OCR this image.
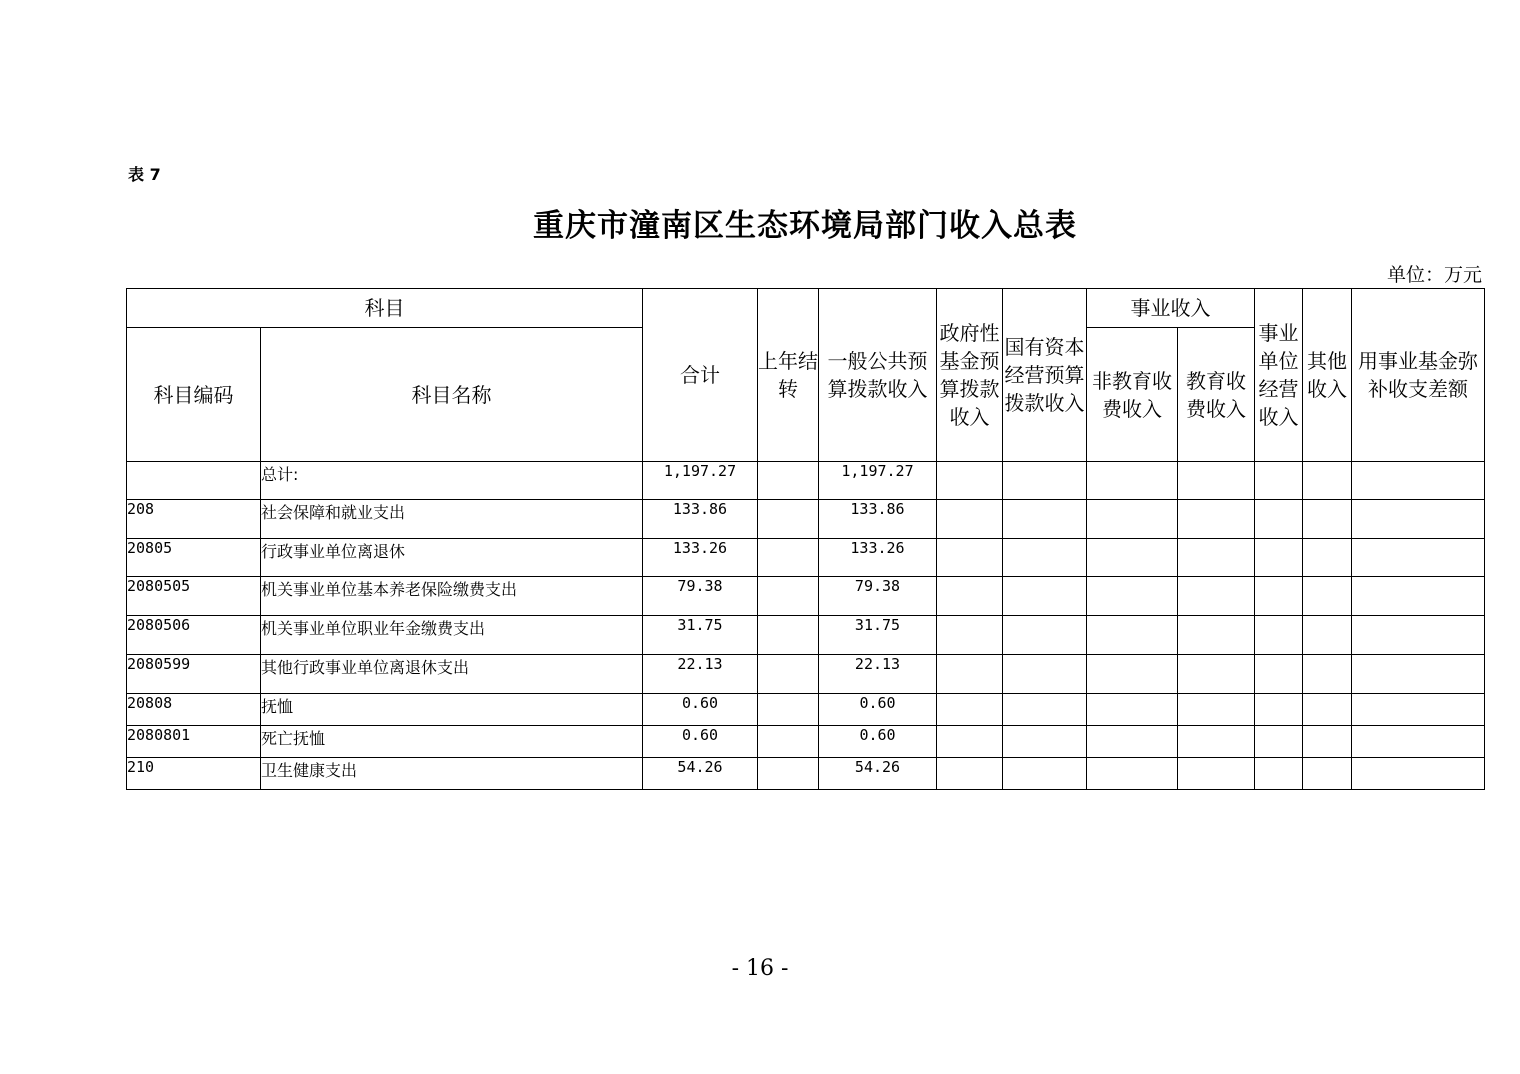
表 7
重庆市潼南区生态环境局部门收入总表
单位：万元
科目		合计	上年结转	一般公共预算拨款收入	政府性基金预算拨款收入	国有资本经营预算拨款收入	事业收入		事业单位经营收入	其他收入	用事业基金弥补收支差额
科目编码	科目名称						非教育收费收入	教育收费收入			
	总计:	1,197.27		1,197.27							
208	社会保障和就业支出	133.86		133.86							
20805	行政事业单位离退休	133.26		133.26							
2080505	机关事业单位基本养老保险缴费支出	79.38		79.38							
2080506	机关事业单位职业年金缴费支出	31.75		31.75							
2080599	其他行政事业单位离退休支出	22.13		22.13							
20808	抚恤	0.60		0.60							
2080801	死亡抚恤	0.60		0.60							
210	卫生健康支出	54.26		54.26							
- 16 -
